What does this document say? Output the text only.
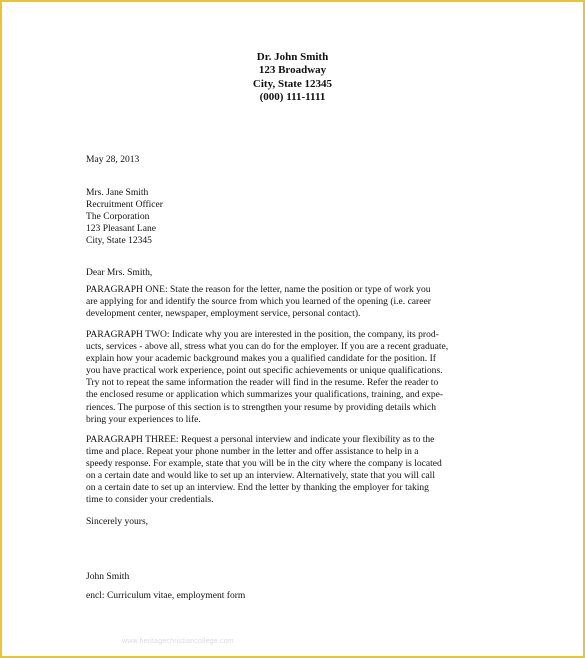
Dr. John Smith
123 Broadway
City, State 12345
(000) 111-1111
May 28, 2013
Mrs. Jane Smith
Recruitment Officer
The Corporation
123 Pleasant Lane
City, State 12345
Dear Mrs. Smith,
PARAGRAPH ONE: State the reason for the letter, name the position or type of work you
are applying for and identify the source from which you learned of the opening (i.e. career
development center, newspaper, employment service, personal contact).
PARAGRAPH TWO: Indicate why you are interested in the position, the company, its prod-
ucts, services - above all, stress what you can do for the employer. If you are a recent graduate,
explain how your academic background makes you a qualified candidate for the position. If
you have practical work experience, point out specific achievements or unique qualifications.
Try not to repeat the same information the reader will find in the resume. Refer the reader to
the enclosed resume or application which summarizes your qualifications, training, and expe-
riences. The purpose of this section is to strengthen your resume by providing details which
bring your experiences to life.
PARAGRAPH THREE: Request a personal interview and indicate your flexibility as to the
time and place. Repeat your phone number in the letter and offer assistance to help in a
speedy response. For example, state that you will be in the city where the company is located
on a certain date and would like to set up an interview. Alternatively, state that you will call
on a certain date to set up an interview. End the letter by thanking the employer for taking
time to consider your credentials.
Sincerely yours,
John Smith
encl: Curriculum vitae, employment form
www.heritagechristiancollege.com
